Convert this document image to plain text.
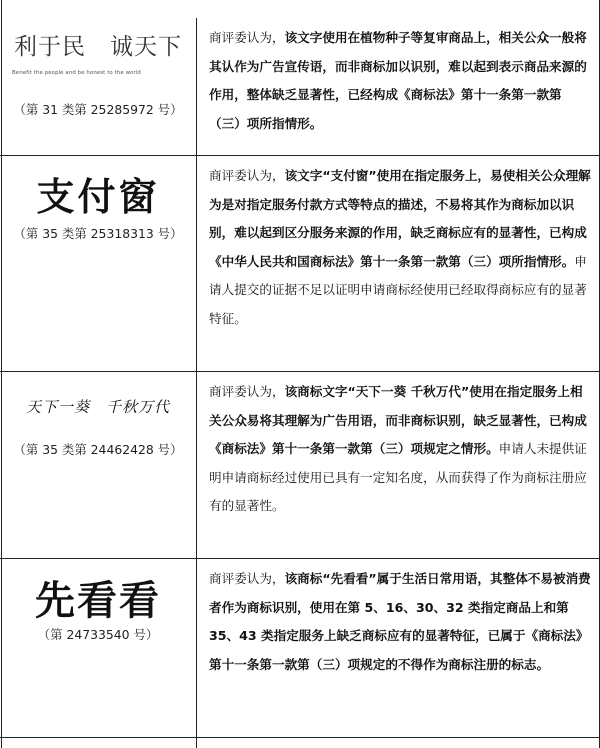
利于民　诚天下
Benefit the people and be honest to the world
（第 31 类第 25285972 号）
商评委认为，该文字使用在植物种子等复审商品上，相关公众一般将其认作为广告宣传语，而非商标加以识别，难以起到表示商品来源的作用，整体缺乏显著性，已经构成《商标法》第十一条第一款第（三）项所指情形。
支付窗
（第 35 类第 25318313 号）
商评委认为，该文字“支付窗”使用在指定服务上，易使相关公众理解为是对指定服务付款方式等特点的描述，不易将其作为商标加以识别，难以起到区分服务来源的作用，缺乏商标应有的显著性，已构成《中华人民共和国商标法》第十一条第一款第（三）项所指情形。申请人提交的证据不足以证明申请商标经使用已经取得商标应有的显著特征。
天下一葵　千秋万代
（第 35 类第 24462428 号）
商评委认为，该商标文字“天下一葵 千秋万代”使用在指定服务上相关公众易将其理解为广告用语，而非商标识别，缺乏显著性，已构成《商标法》第十一条第一款第（三）项规定之情形。申请人未提供证明申请商标经过使用已具有一定知名度，从而获得了作为商标注册应有的显著性。
先看看
（第 24733540 号）
商评委认为，该商标“先看看”属于生活日常用语，其整体不易被消费者作为商标识别，使用在第 5、16、30、32 类指定商品上和第 35、43 类指定服务上缺乏商标应有的显著特征，已属于《商标法》第十一条第一款第（三）项规定的不得作为商标注册的标志。
